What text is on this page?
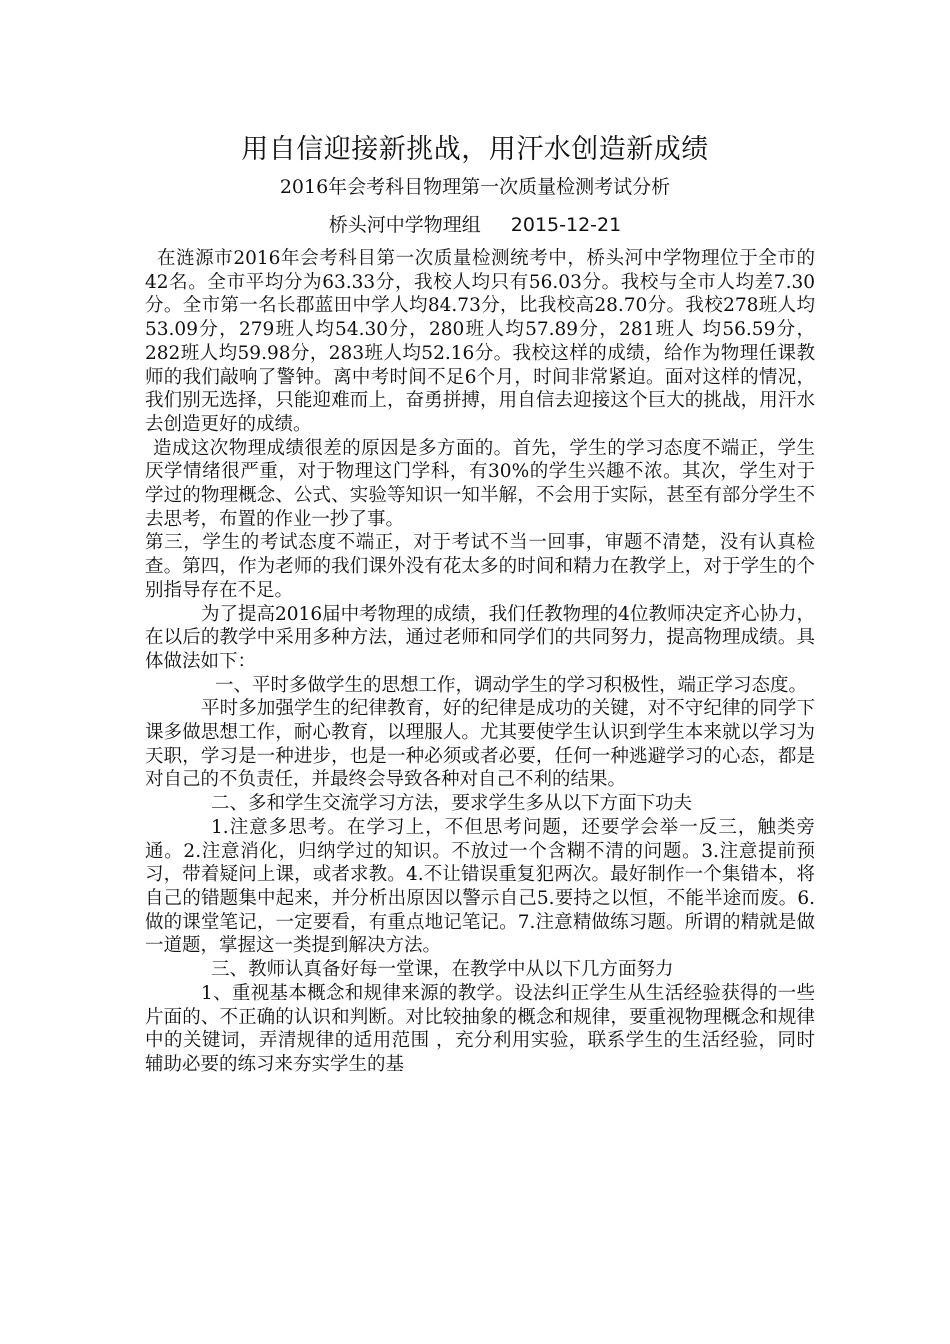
用自信迎接新挑战，用汗水创造新成绩
2016年会考科目物理第一次质量检测考试分析
桥头河中学物理组 2015-12-21

在涟源市2016年会考科目第一次质量检测统考中，桥头河中学物理位于全市的42名。全市平均分为63.33分，我校人均只有56.03分。我校与全市人均差7.30分。全市第一名长郡蓝田中学人均84.73分，比我校高28.70分。我校278班人均53.09分，279班人均54.30分，280班人均57.89分，281班人 均56.59分，282班人均59.98分，283班人均52.16分。我校这样的成绩，给作为物理任课教师的我们敲响了警钟。离中考时间不足6个月，时间非常紧迫。面对这样的情况，我们别无选择，只能迎难而上，奋勇拼搏，用自信去迎接这个巨大的挑战，用汗水去创造更好的成绩。

造成这次物理成绩很差的原因是多方面的。首先，学生的学习态度不端正，学生厌学情绪很严重，对于物理这门学科，有30%的学生兴趣不浓。其次，学生对于学过的物理概念、公式、实验等知识一知半解，不会用于实际，甚至有部分学生不去思考，布置的作业一抄了事。

第三，学生的考试态度不端正，对于考试不当一回事，审题不清楚，没有认真检查。第四，作为老师的我们课外没有花太多的时间和精力在教学上，对于学生的个别指导存在不足。

为了提高2016届中考物理的成绩，我们任教物理的4位教师决定齐心协力，在以后的教学中采用多种方法，通过老师和同学们的共同努力，提高物理成绩。具体做法如下：

一、平时多做学生的思想工作，调动学生的学习积极性，端正学习态度。

平时多加强学生的纪律教育，好的纪律是成功的关键，对不守纪律的同学下课多做思想工作，耐心教育，以理服人。尤其要使学生认识到学生本来就以学习为天职，学习是一种进步，也是一种必须或者必要，任何一种逃避学习的心态，都是对自己的不负责任，并最终会导致各种对自己不利的结果。

二、多和学生交流学习方法，要求学生多从以下方面下功夫

1.注意多思考。在学习上，不但思考问题，还要学会举一反三，触类旁通。2.注意消化，归纳学过的知识。不放过一个含糊不清的问题。3.注意提前预习，带着疑问上课，或者求教。4.不让错误重复犯两次。最好制作一个集错本，将自己的错题集中起来，并分析出原因以警示自己5.要持之以恒，不能半途而废。6.做的课堂笔记，一定要看，有重点地记笔记。7.注意精做练习题。所谓的精就是做一道题，掌握这一类提到解决方法。

三、教师认真备好每一堂课，在教学中从以下几方面努力

1、重视基本概念和规律来源的教学。设法纠正学生从生活经验获得的一些片面的、不正确的认识和判断。对比较抽象的概念和规律，要重视物理概念和规律中的关键词，弄清规律的适用范围 ，充分利用实验，联系学生的生活经验，同时辅助必要的练习来夯实学生的基
